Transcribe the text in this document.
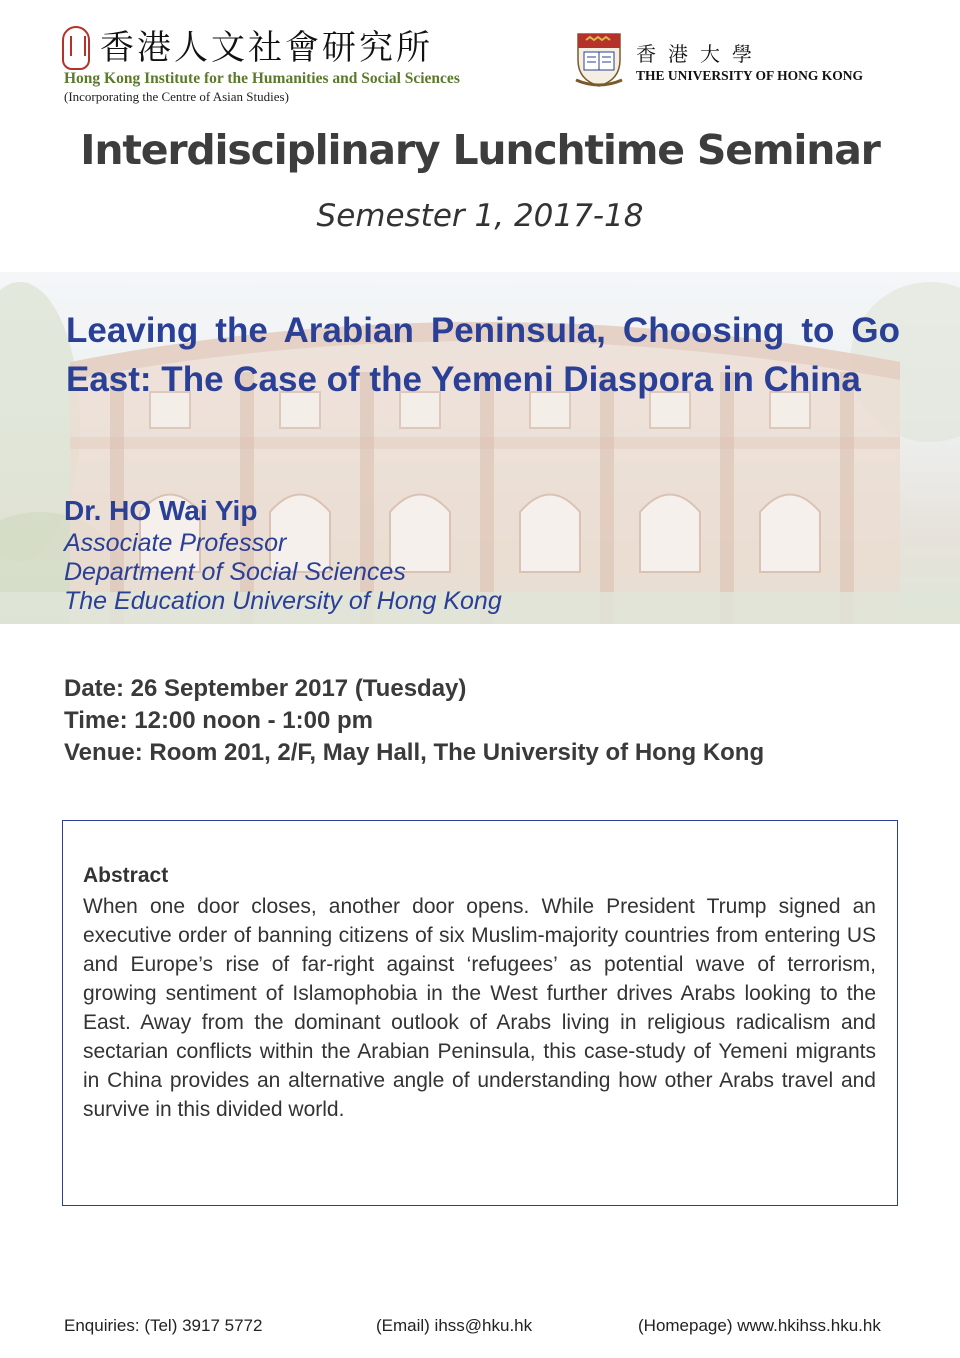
香港人文社會研究所
Hong Kong Institute for the Humanities and Social Sciences
(Incorporating the Centre of Asian Studies)
香港大學
THE UNIVERSITY OF HONG KONG
Interdisciplinary Lunchtime Seminar
Semester 1, 2017-18
Leaving the Arabian Peninsula, Choosing to Go East: The Case of the Yemeni Diaspora in China
Dr. HO Wai Yip
Associate Professor
Department of Social Sciences
The Education University of Hong Kong
Date: 26 September 2017 (Tuesday)
Time: 12:00 noon - 1:00 pm
Venue: Room 201, 2/F, May Hall, The University of Hong Kong
Abstract
When one door closes, another door opens. While President Trump signed an executive order of banning citizens of six Muslim-majority countries from entering US and Europe’s rise of far-right against ‘refugees’ as potential wave of terrorism, growing sentiment of Islamophobia in the West further drives Arabs looking to the East. Away from the dominant outlook of Arabs living in religious radicalism and sectarian conflicts within the Arabian Peninsula, this case-study of Yemeni migrants in China provides an alternative angle of understanding how other Arabs travel and survive in this divided world.
Enquiries: (Tel) 3917 5772	(Email) ihss@hku.hk	(Homepage) www.hkihss.hku.hk
